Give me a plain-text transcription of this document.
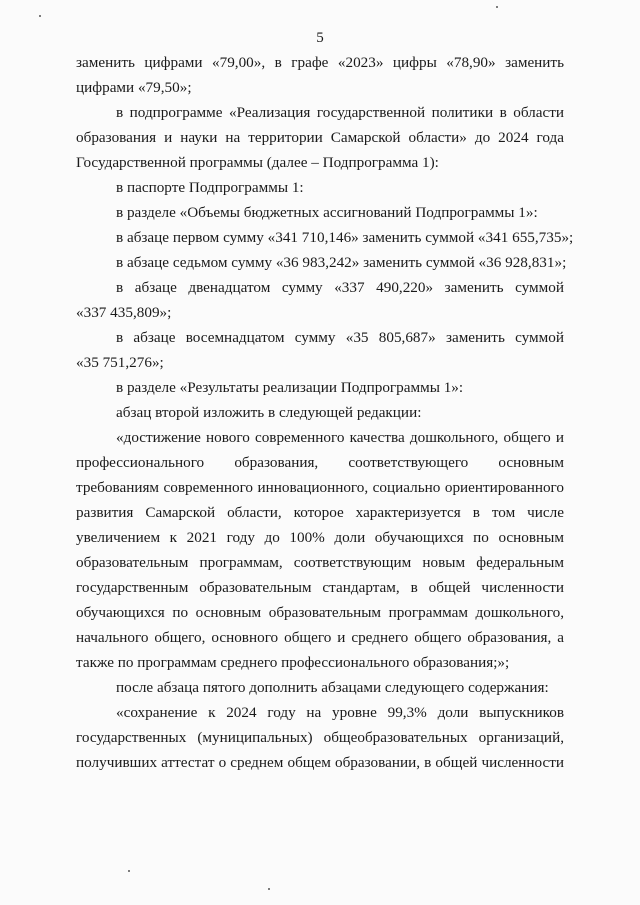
5
заменить цифрами «79,00», в графе «2023» цифры «78,90» заменить
цифрами «79,50»;
в подпрограмме «Реализация государственной политики в области
образования и науки на территории Самарской области» до 2024 года
Государственной программы (далее – Подпрограмма 1):
в паспорте Подпрограммы 1:
в разделе «Объемы бюджетных ассигнований Подпрограммы 1»:
в абзаце первом сумму «341 710,146» заменить суммой «341 655,735»;
в абзаце седьмом сумму «36 983,242» заменить суммой «36 928,831»;
в абзаце двенадцатом сумму «337 490,220» заменить суммой
«337 435,809»;
в абзаце восемнадцатом сумму «35 805,687» заменить суммой
«35 751,276»;
в разделе «Результаты реализации Подпрограммы 1»:
абзац второй изложить в следующей редакции:
«достижение нового современного качества дошкольного, общего и
профессионального образования, соответствующего основным
требованиям современного инновационного, социально ориентированного
развития Самарской области, которое характеризуется в том числе
увеличением к 2021 году до 100% доли обучающихся по основным
образовательным программам, соответствующим новым федеральным
государственным образовательным стандартам, в общей численности
обучающихся по основным образовательным программам дошкольного,
начального общего, основного общего и среднего общего образования, а
также по программам среднего профессионального образования;»;
после абзаца пятого дополнить абзацами следующего содержания:
«сохранение к 2024 году на уровне 99,3% доли выпускников
государственных (муниципальных) общеобразовательных организаций,
получивших аттестат о среднем общем образовании, в общей численности
